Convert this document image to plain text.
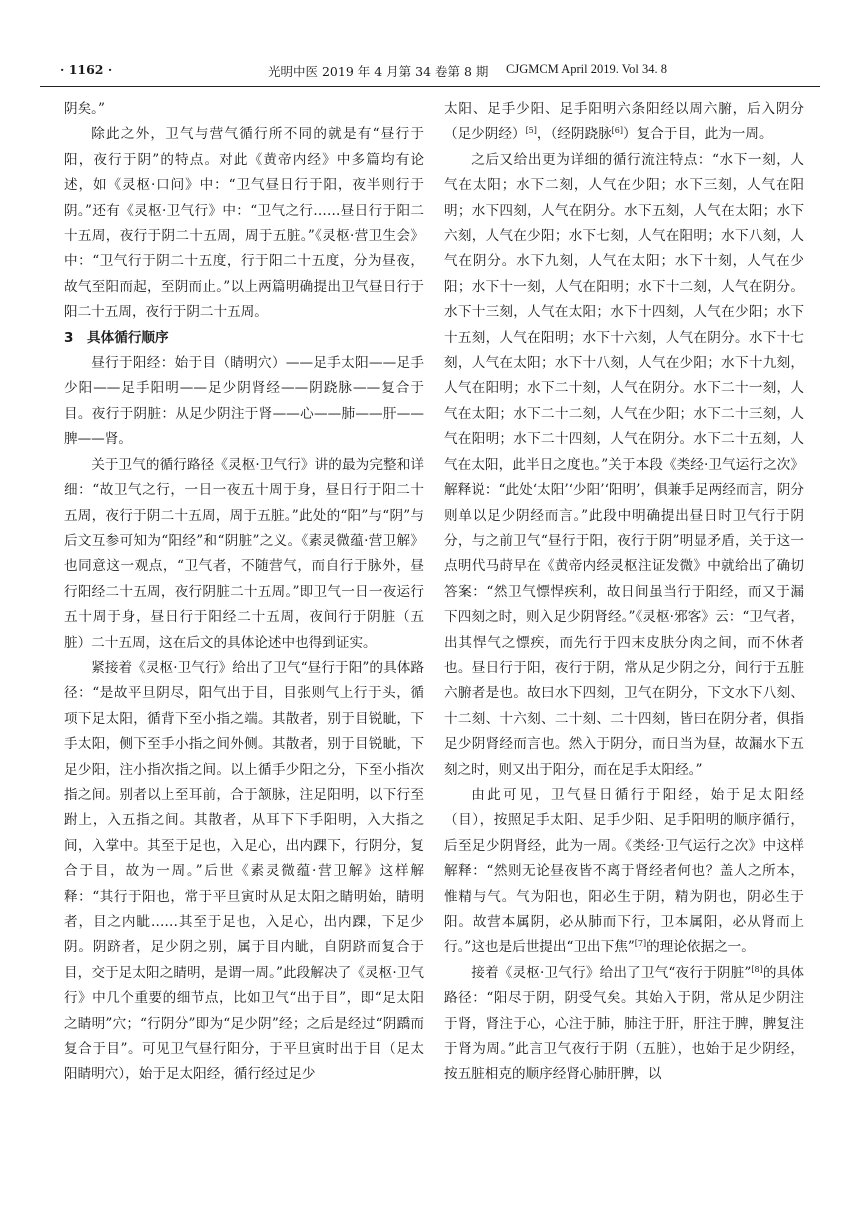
· 1162 ·	光明中医 2019 年 4 月第 34 卷第 8 期 CJGMCM April 2019. Vol 34. 8

阴矣。”

除此之外，卫气与营气循行所不同的就是有“昼行于阳，夜行于阴”的特点。对此《黄帝内经》中多篇均有论述，如《灵枢·口问》中：“卫气昼日行于阳，夜半则行于阴。”还有《灵枢·卫气行》中：“卫气之行……昼日行于阳二十五周，夜行于阴二十五周，周于五脏。”《灵枢·营卫生会》中：“卫气行于阴二十五度，行于阳二十五度，分为昼夜，故气至阳而起，至阴而止。”以上两篇明确提出卫气昼日行于阳二十五周，夜行于阴二十五周。

3　具体循行顺序

昼行于阳经：始于目（睛明穴）——足手太阳——足手少阳——足手阳明——足少阴肾经——阴跷脉——复合于目。夜行于阴脏：从足少阴注于肾——心——肺——肝——脾——肾。

关于卫气的循行路径《灵枢·卫气行》讲的最为完整和详细：“故卫气之行，一日一夜五十周于身，昼日行于阳二十五周，夜行于阴二十五周，周于五脏。”此处的“阳”与“阴”与后文互参可知为“阳经”和“阴脏”之义。《素灵微蕴·营卫解》也同意这一观点，“卫气者，不随营气，而自行于脉外，昼行阳经二十五周，夜行阴脏二十五周。”即卫气一日一夜运行五十周于身，昼日行于阳经二十五周，夜间行于阴脏（五脏）二十五周，这在后文的具体论述中也得到证实。

紧接着《灵枢·卫气行》给出了卫气“昼行于阳”的具体路径：“是故平旦阴尽，阳气出于目，目张则气上行于头，循项下足太阳，循背下至小指之端。其散者，别于目锐眦，下手太阳，侧下至手小指之间外侧。其散者，别于目锐眦，下足少阳，注小指次指之间。以上循手少阳之分，下至小指次指之间。别者以上至耳前，合于颔脉，注足阳明，以下行至跗上，入五指之间。其散者，从耳下下手阳明，入大指之间，入掌中。其至于足也，入足心，出内踝下，行阴分，复合于目，故为一周。”后世《素灵微蕴·营卫解》这样解释：“其行于阳也，常于平旦寅时从足太阳之睛明始，睛明者，目之内眦……其至于足也，入足心，出内踝，下足少阴。阴跻者，足少阴之别，属于目内眦，自阴跻而复合于目，交于足太阳之睛明，是谓一周。”此段解决了《灵枢·卫气行》中几个重要的细节点，比如卫气“出于目”，即“足太阳之睛明”穴；“行阴分”即为“足少阴”经；之后是经过“阴蹻而复合于目”。可见卫气昼行阳分，于平旦寅时出于目（足太阳睛明穴），始于足太阳经，循行经过足少

太阳、足手少阳、足手阳明六条阳经以周六腑，后入阴分（足少阴经）[5]，（经阴跷脉[6]）复合于目，此为一周。

之后又给出更为详细的循行流注特点：“水下一刻，人气在太阳；水下二刻，人气在少阳；水下三刻，人气在阳明；水下四刻，人气在阴分。水下五刻，人气在太阳；水下六刻，人气在少阳；水下七刻，人气在阳明；水下八刻，人气在阴分。水下九刻，人气在太阳；水下十刻，人气在少阳；水下十一刻，人气在阳明；水下十二刻，人气在阴分。水下十三刻，人气在太阳；水下十四刻，人气在少阳；水下十五刻，人气在阳明；水下十六刻，人气在阴分。水下十七刻，人气在太阳；水下十八刻，人气在少阳；水下十九刻，人气在阳明；水下二十刻，人气在阴分。水下二十一刻，人气在太阳；水下二十二刻，人气在少阳；水下二十三刻，人气在阳明；水下二十四刻，人气在阴分。水下二十五刻，人气在太阳，此半日之度也。”关于本段《类经·卫气运行之次》解释说：“此处‘太阳’‘少阳’‘阳明’，俱兼手足两经而言，阴分则单以足少阴经而言。”此段中明确提出昼日时卫气行于阴分，与之前卫气“昼行于阳，夜行于阴”明显矛盾，关于这一点明代马莳早在《黄帝内经灵枢注证发微》中就给出了确切答案：“然卫气慓悍疾利，故日间虽当行于阳经，而又于漏下四刻之时，则入足少阴肾经。”《灵枢·邪客》云：“卫气者，出其悍气之慓疾，而先行于四末皮肤分肉之间，而不休者也。昼日行于阳，夜行于阴，常从足少阴之分，间行于五脏六腑者是也。故曰水下四刻，卫气在阴分，下文水下八刻、十二刻、十六刻、二十刻、二十四刻，皆曰在阴分者，俱指足少阴肾经而言也。然入于阴分，而日当为昼，故漏水下五刻之时，则又出于阳分，而在足手太阳经。”

由此可见，卫气昼日循行于阳经，始于足太阳经（目），按照足手太阳、足手少阳、足手阳明的顺序循行，后至足少阴肾经，此为一周。《类经·卫气运行之次》中这样解释：“然则无论昼夜皆不离于肾经者何也？盖人之所本，惟精与气。气为阳也，阳必生于阴，精为阴也，阴必生于阳。故营本属阴，必从肺而下行，卫本属阳，必从肾而上行。”这也是后世提出“卫出下焦”[7]的理论依据之一。

接着《灵枢·卫气行》给出了卫气“夜行于阴脏”[8]的具体路径：“阳尽于阴，阴受气矣。其始入于阴，常从足少阴注于肾，肾注于心，心注于肺，肺注于肝，肝注于脾，脾复注于肾为周。”此言卫气夜行于阴（五脏），也始于足少阴经，按五脏相克的顺序经肾心肺肝脾，以
